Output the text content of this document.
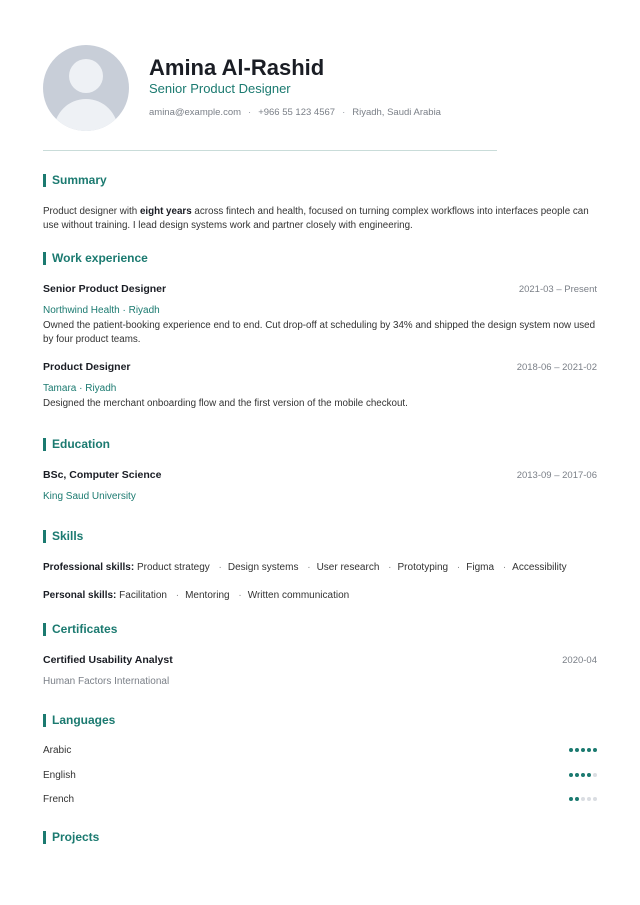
Amina Al-Rashid
Senior Product Designer
amina@example.com · +966 55 123 4567 · Riyadh, Saudi Arabia
Summary

Product designer with eight years across fintech and health, focused on turning complex workflows into interfaces people can use without training. I lead design systems work and partner closely with engineering.

Work experience
Senior Product Designer	2021-03 – Present
Northwind Health · Riyadh

Owned the patient-booking experience end to end. Cut drop-off at scheduling by 34% and shipped the design system now used by four product teams.

Product Designer	2018-06 – 2021-02
Tamara · Riyadh

Designed the merchant onboarding flow and the first version of the mobile checkout.

Education
BSc, Computer Science	2013-09 – 2017-06
King Saud University
Skills
Professional skills: Product strategy · Design systems · User research · Prototyping · Figma · Accessibility
Personal skills: Facilitation · Mentoring · Written communication
Certificates
Certified Usability Analyst	2020-04
Human Factors International
Languages
Arabic
English
French
Projects
